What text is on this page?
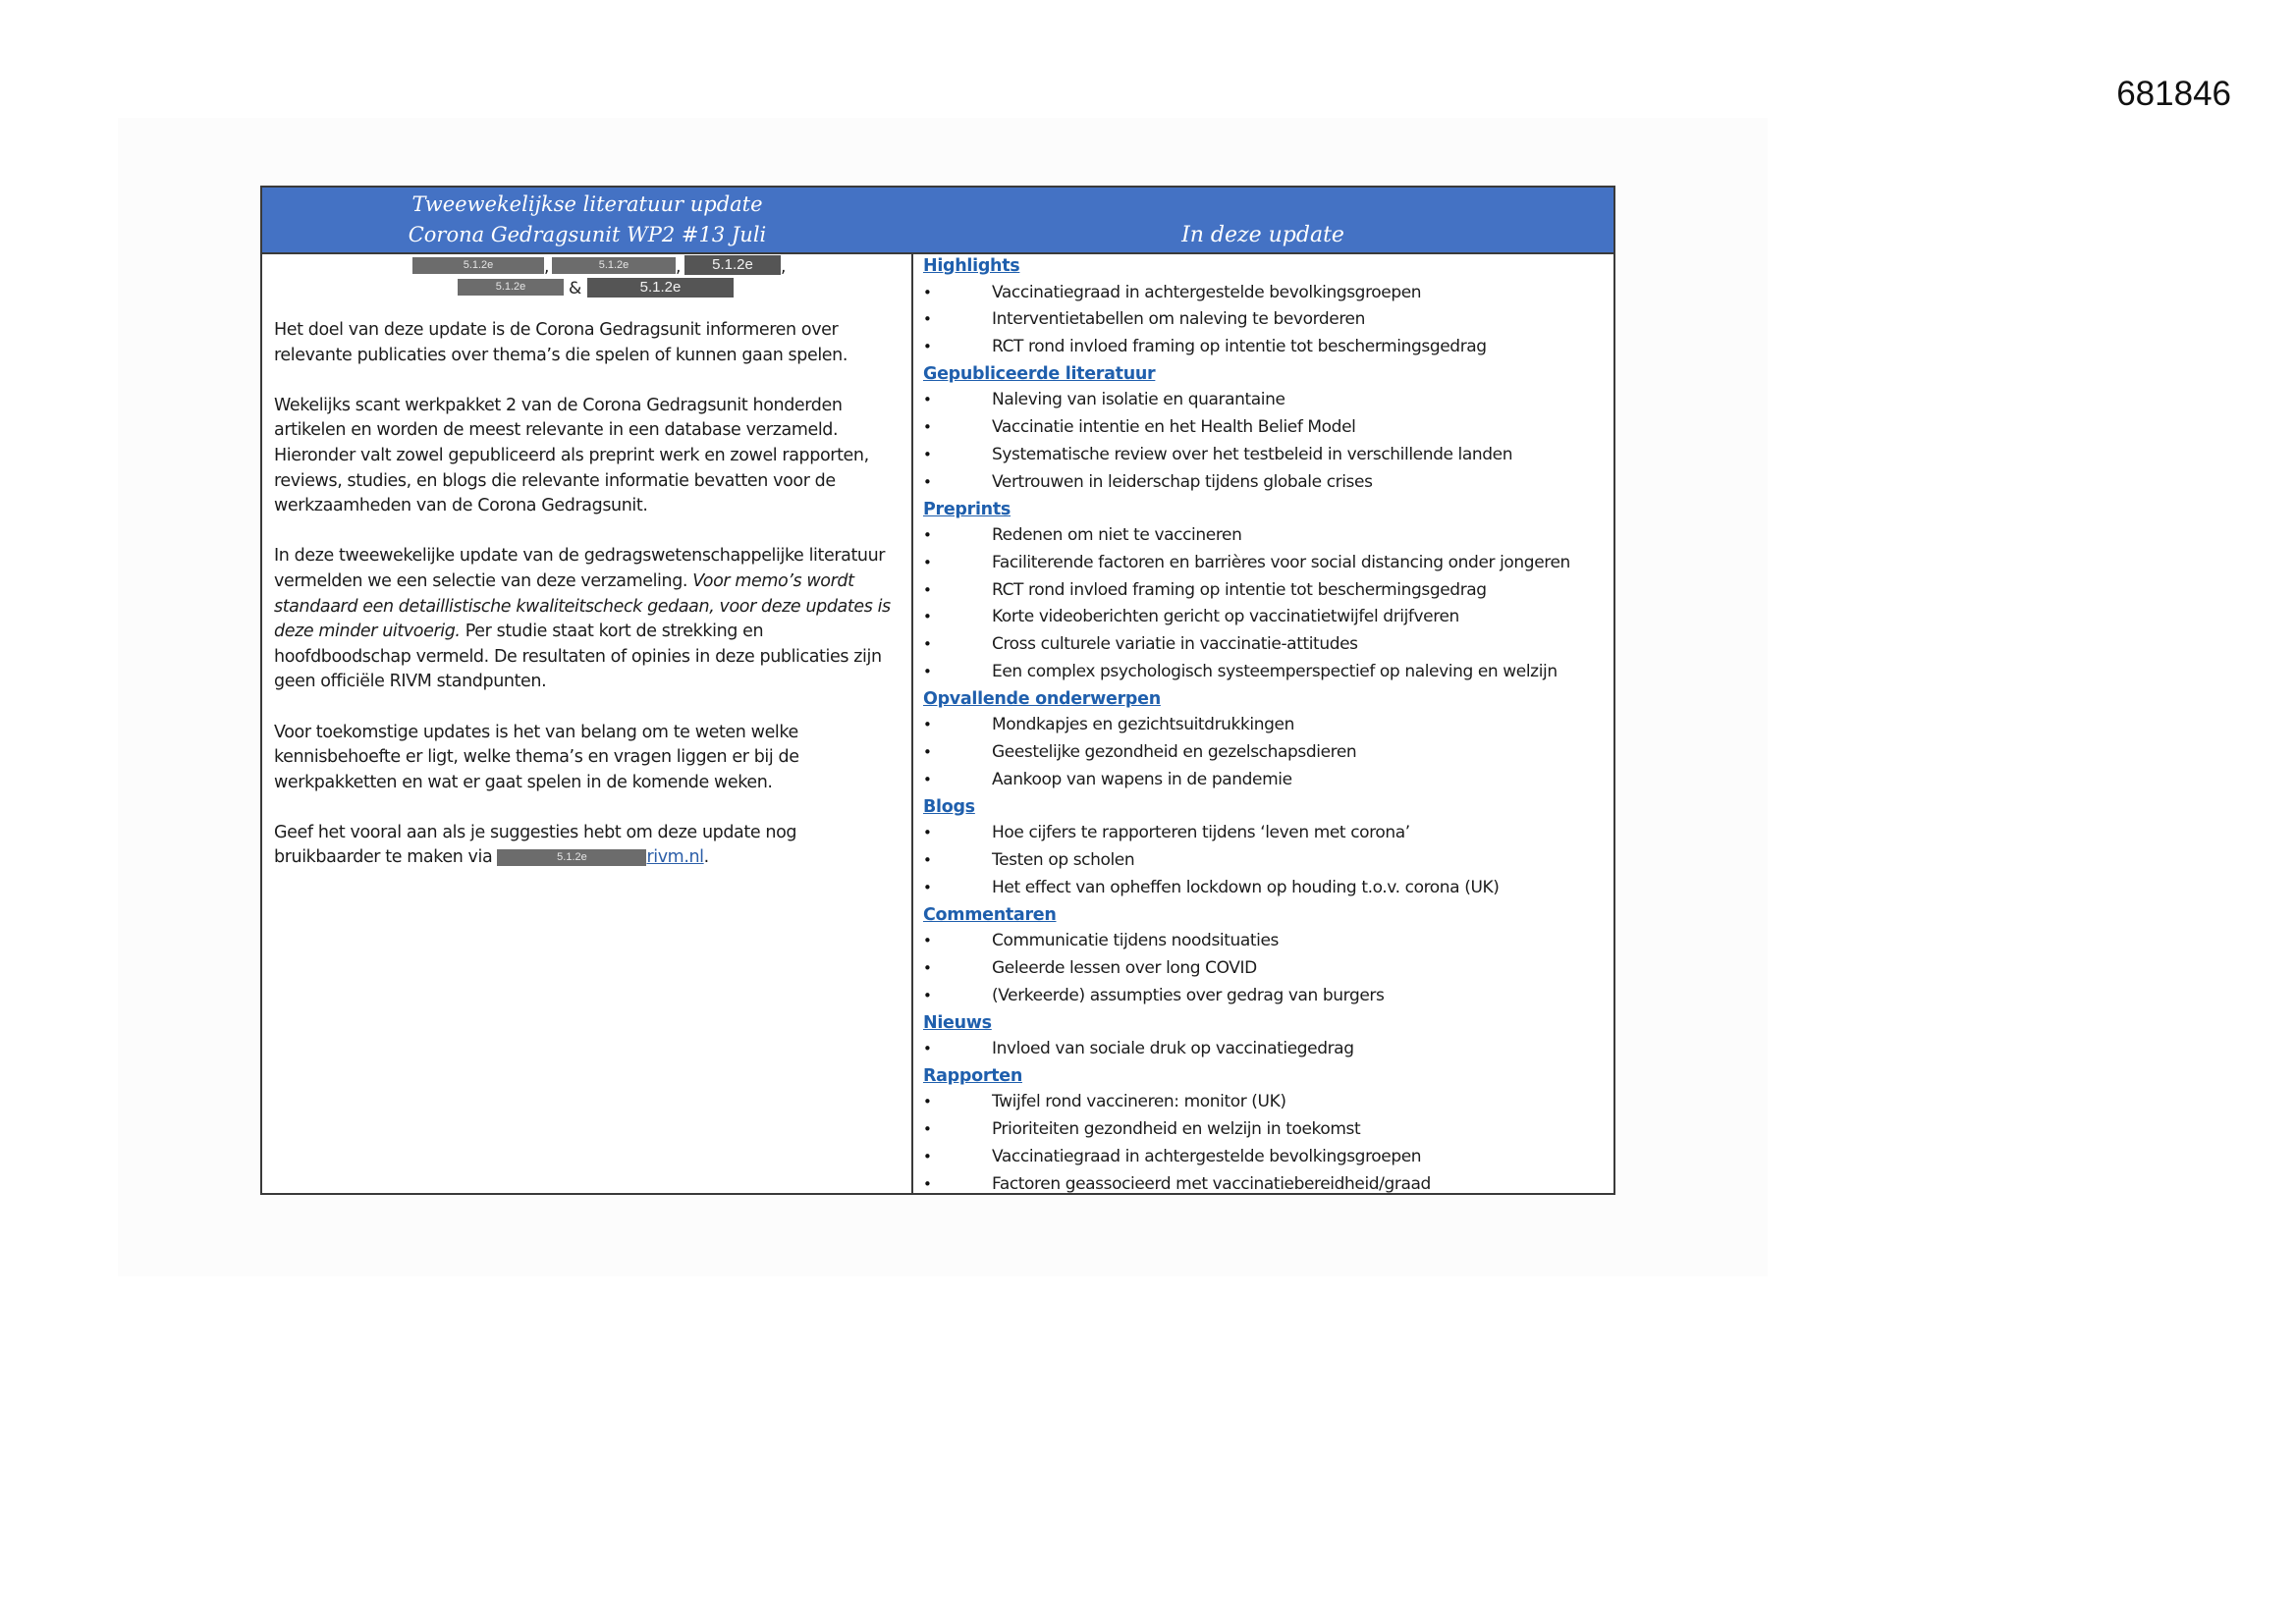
681846
Tweewekelijkse literatuur update
Corona Gedragsunit WP2 #13 Juli	In deze update
5.1.2e	,	5.1.2e	,	5.1.2e	,
5.1.2e	&	5.1.2e

Het doel van deze update is de Corona Gedragsunit informeren over relevante publicaties over thema’s die spelen of kunnen gaan spelen.

Wekelijks scant werkpakket 2 van de Corona Gedragsunit honderden artikelen en worden de meest relevante in een database verzameld. Hieronder valt zowel gepubliceerd als preprint werk en zowel rapporten, reviews, studies, en blogs die relevante informatie bevatten voor de werkzaamheden van de Corona Gedragsunit.

In deze tweewekelijke update van de gedragswetenschappelijke literatuur vermelden we een selectie van deze verzameling. Voor memo’s wordt standaard een detaillistische kwaliteitscheck gedaan, voor deze updates is deze minder uitvoerig. Per studie staat kort de strekking en hoofdboodschap vermeld. De resultaten of opinies in deze publicaties zijn geen officiële RIVM standpunten.

Voor toekomstige updates is het van belang om te weten welke kennisbehoefte er ligt, welke thema’s en vragen liggen er bij de werkpakketten en wat er gaat spelen in de komende weken.

Geef het vooral aan als je suggesties hebt om deze update nog bruikbaarder te maken via	5.1.2e	rivm.nl.

Highlights
•	Vaccinatiegraad in achtergestelde bevolkingsgroepen
•	Interventietabellen om naleving te bevorderen
•	RCT rond invloed framing op intentie tot beschermingsgedrag
Gepubliceerde literatuur
•	Naleving van isolatie en quarantaine
•	Vaccinatie intentie en het Health Belief Model
•	Systematische review over het testbeleid in verschillende landen
•	Vertrouwen in leiderschap tijdens globale crises
Preprints
•	Redenen om niet te vaccineren
•	Faciliterende factoren en barrières voor social distancing onder jongeren
•	RCT rond invloed framing op intentie tot beschermingsgedrag
•	Korte videoberichten gericht op vaccinatietwijfel drijfveren
•	Cross culturele variatie in vaccinatie-attitudes
•	Een complex psychologisch systeemperspectief op naleving en welzijn
Opvallende onderwerpen
•	Mondkapjes en gezichtsuitdrukkingen
•	Geestelijke gezondheid en gezelschapsdieren
•	Aankoop van wapens in de pandemie
Blogs
•	Hoe cijfers te rapporteren tijdens ‘leven met corona’
•	Testen op scholen
•	Het effect van opheffen lockdown op houding t.o.v. corona (UK)
Commentaren
•	Communicatie tijdens noodsituaties
•	Geleerde lessen over long COVID
•	(Verkeerde) assumpties over gedrag van burgers
Nieuws
•	Invloed van sociale druk op vaccinatiegedrag
Rapporten
•	Twijfel rond vaccineren: monitor (UK)
•	Prioriteiten gezondheid en welzijn in toekomst
•	Vaccinatiegraad in achtergestelde bevolkingsgroepen
•	Factoren geassocieerd met vaccinatiebereidheid/graad
